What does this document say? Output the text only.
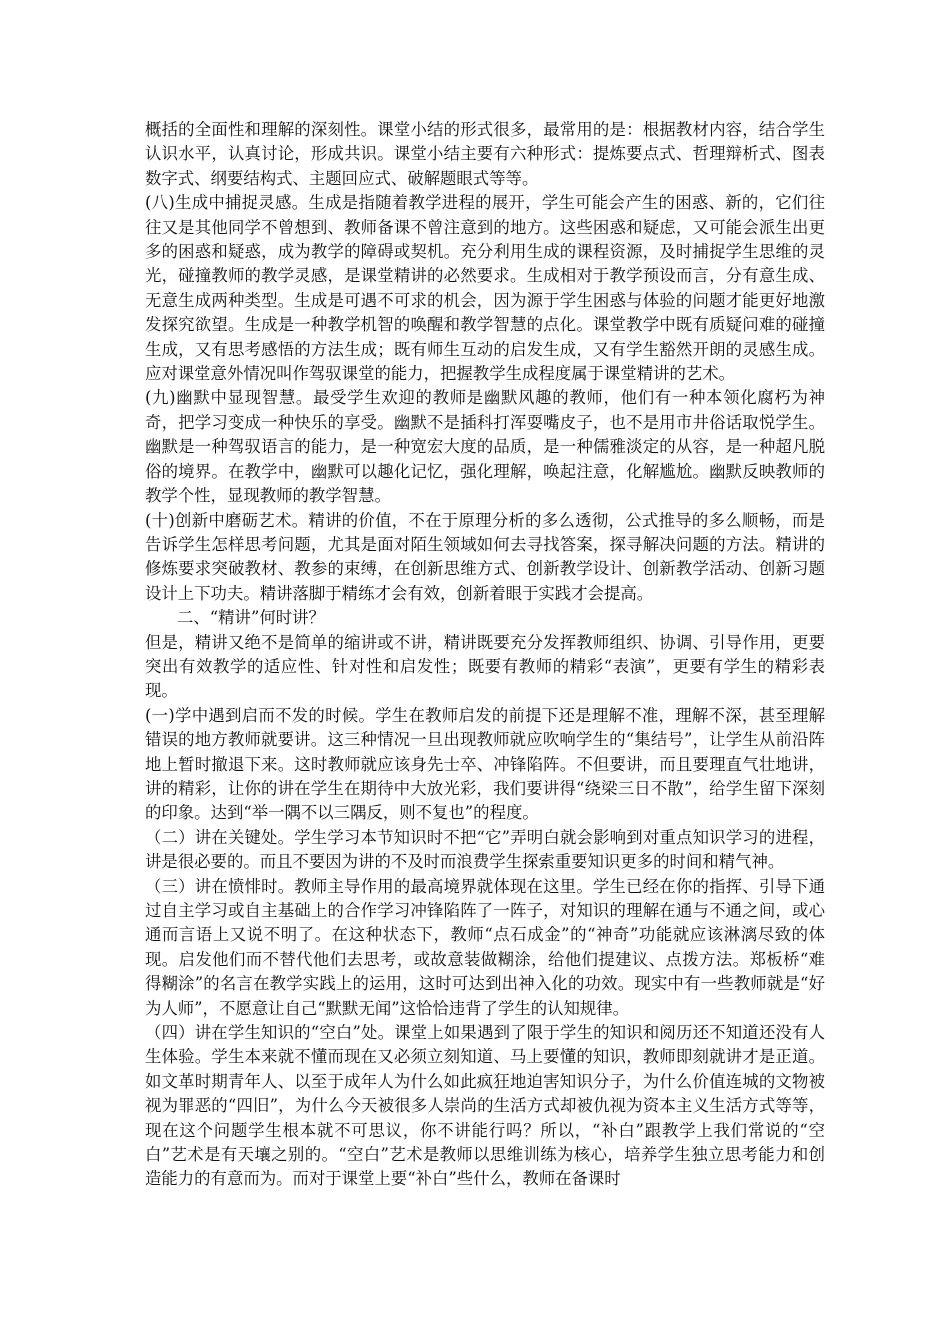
概括的全面性和理解的深刻性。课堂小结的形式很多，最常用的是：根据教材内容，结合学生认识水平，认真讨论，形成共识。课堂小结主要有六种形式：提炼要点式、哲理辩析式、图表数字式、纲要结构式、主题回应式、破解题眼式等等。

(八)生成中捕捉灵感。生成是指随着教学进程的展开，学生可能会产生的困惑、新的，它们往往又是其他同学不曾想到、教师备课不曾注意到的地方。这些困惑和疑虑，又可能会派生出更多的困惑和疑惑，成为教学的障碍或契机。充分利用生成的课程资源，及时捕捉学生思维的灵光，碰撞教师的教学灵感，是课堂精讲的必然要求。生成相对于教学预设而言，分有意生成、无意生成两种类型。生成是可遇不可求的机会，因为源于学生困惑与体验的问题才能更好地激发探究欲望。生成是一种教学机智的唤醒和教学智慧的点化。课堂教学中既有质疑问难的碰撞生成，又有思考感悟的方法生成；既有师生互动的启发生成，又有学生豁然开朗的灵感生成。应对课堂意外情况叫作驾驭课堂的能力，把握教学生成程度属于课堂精讲的艺术。

(九)幽默中显现智慧。最受学生欢迎的教师是幽默风趣的教师，他们有一种本领化腐朽为神奇，把学习变成一种快乐的享受。幽默不是插科打浑耍嘴皮子，也不是用市井俗话取悦学生。幽默是一种驾驭语言的能力，是一种宽宏大度的品质，是一种儒雅淡定的从容，是一种超凡脱俗的境界。在教学中，幽默可以趣化记忆，强化理解，唤起注意，化解尴尬。幽默反映教师的教学个性，显现教师的教学智慧。

(十)创新中磨砺艺术。精讲的价值，不在于原理分析的多么透彻，公式推导的多么顺畅，而是告诉学生怎样思考问题，尤其是面对陌生领域如何去寻找答案，探寻解决问题的方法。精讲的修炼要求突破教材、教参的束缚，在创新思维方式、创新教学设计、创新教学活动、创新习题设计上下功夫。精讲落脚于精练才会有效，创新着眼于实践才会提高。

二、“精讲”何时讲？

但是，精讲又绝不是简单的缩讲或不讲，精讲既要充分发挥教师组织、协调、引导作用，更要突出有效教学的适应性、针对性和启发性；既要有教师的精彩“表演”，更要有学生的精彩表现。

(一)学中遇到启而不发的时候。学生在教师启发的前提下还是理解不准，理解不深，甚至理解错误的地方教师就要讲。这三种情况一旦出现教师就应吹响学生的“集结号”，让学生从前沿阵地上暂时撤退下来。这时教师就应该身先士卒、冲锋陷阵。不但要讲，而且要理直气壮地讲，讲的精彩，让你的讲在学生在期待中大放光彩，我们要讲得“绕梁三日不散”，给学生留下深刻的印象。达到“举一隅不以三隅反，则不复也”的程度。

（二）讲在关键处。学生学习本节知识时不把“它”弄明白就会影响到对重点知识学习的进程，讲是很必要的。而且不要因为讲的不及时而浪费学生探索重要知识更多的时间和精气神。

（三）讲在愤悱时。教师主导作用的最高境界就体现在这里。学生已经在你的指挥、引导下通过自主学习或自主基础上的合作学习冲锋陷阵了一阵子，对知识的理解在通与不通之间，或心通而言语上又说不明了。在这种状态下，教师“点石成金”的“神奇”功能就应该淋漓尽致的体现。启发他们而不替代他们去思考，或故意装做糊涂，给他们提建议、点拨方法。郑板桥“难得糊涂”的名言在教学实践上的运用，这时可达到出神入化的功效。现实中有一些教师就是“好为人师”，不愿意让自己“默默无闻”这恰恰违背了学生的认知规律。

（四）讲在学生知识的“空白”处。课堂上如果遇到了限于学生的知识和阅历还不知道还没有人生体验。学生本来就不懂而现在又必须立刻知道、马上要懂的知识，教师即刻就讲才是正道。如文革时期青年人、以至于成年人为什么如此疯狂地迫害知识分子，为什么价值连城的文物被视为罪恶的“四旧”，为什么今天被很多人崇尚的生活方式却被仇视为资本主义生活方式等等，现在这个问题学生根本就不可思议，你不讲能行吗？所以，“补白”跟教学上我们常说的“空白”艺术是有天壤之别的。“空白”艺术是教师以思维训练为核心，培养学生独立思考能力和创造能力的有意而为。而对于课堂上要“补白”些什么，教师在备课时
